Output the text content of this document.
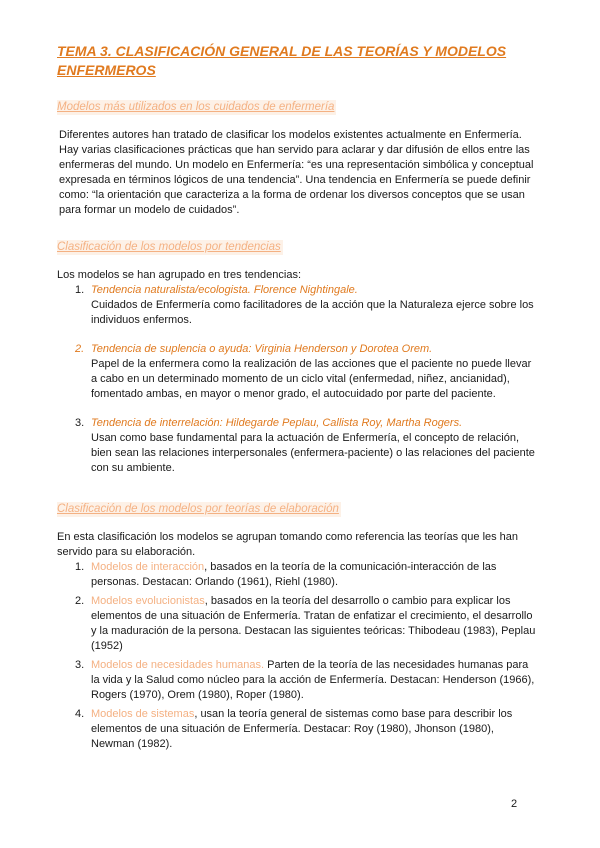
TEMA 3. CLASIFICACIÓN GENERAL DE LAS TEORÍAS Y MODELOS ENFERMEROS
Modelos más utilizados en los cuidados de enfermería

Diferentes autores han tratado de clasificar los modelos existentes actualmente en Enfermería. Hay varias clasificaciones prácticas que han servido para aclarar y dar difusión de ellos entre las enfermeras del mundo. Un modelo en Enfermería: “es una representación simbólica y conceptual expresada en términos lógicos de una tendencia”. Una tendencia en Enfermería se puede definir como: “la orientación que caracteriza a la forma de ordenar los diversos conceptos que se usan para formar un modelo de cuidados”.

Clasificación de los modelos por tendencias

Los modelos se han agrupado en tres tendencias:

1. Tendencia naturalista/ecologista. Florence Nightingale.
Cuidados de Enfermería como facilitadores de la acción que la Naturaleza ejerce sobre los individuos enfermos.
2. Tendencia de suplencia o ayuda: Virginia Henderson y Dorotea Orem.
Papel de la enfermera como la realización de las acciones que el paciente no puede llevar a cabo en un determinado momento de un ciclo vital (enfermedad, niñez, ancianidad), fomentado ambas, en mayor o menor grado, el autocuidado por parte del paciente.
3. Tendencia de interrelación: Hildegarde Peplau, Callista Roy, Martha Rogers.
Usan como base fundamental para la actuación de Enfermería, el concepto de relación, bien sean las relaciones interpersonales (enfermera-paciente) o las relaciones del paciente con su ambiente.
Clasificación de los modelos por teorías de elaboración

En esta clasificación los modelos se agrupan tomando como referencia las teorías que les han servido para su elaboración.

1. Modelos de interacción, basados en la teoría de la comunicación-interacción de las personas. Destacan: Orlando (1961), Riehl (1980).
2. Modelos evolucionistas, basados en la teoría del desarrollo o cambio para explicar los elementos de una situación de Enfermería. Tratan de enfatizar el crecimiento, el desarrollo y la maduración de la persona. Destacan las siguientes teóricas: Thibodeau (1983), Peplau (1952)
3. Modelos de necesidades humanas. Parten de la teoría de las necesidades humanas para la vida y la Salud como núcleo para la acción de Enfermería. Destacan: Henderson (1966), Rogers (1970), Orem (1980), Roper (1980).
4. Modelos de sistemas, usan la teoría general de sistemas como base para describir los elementos de una situación de Enfermería. Destacar: Roy (1980), Jhonson (1980), Newman (1982).
2
